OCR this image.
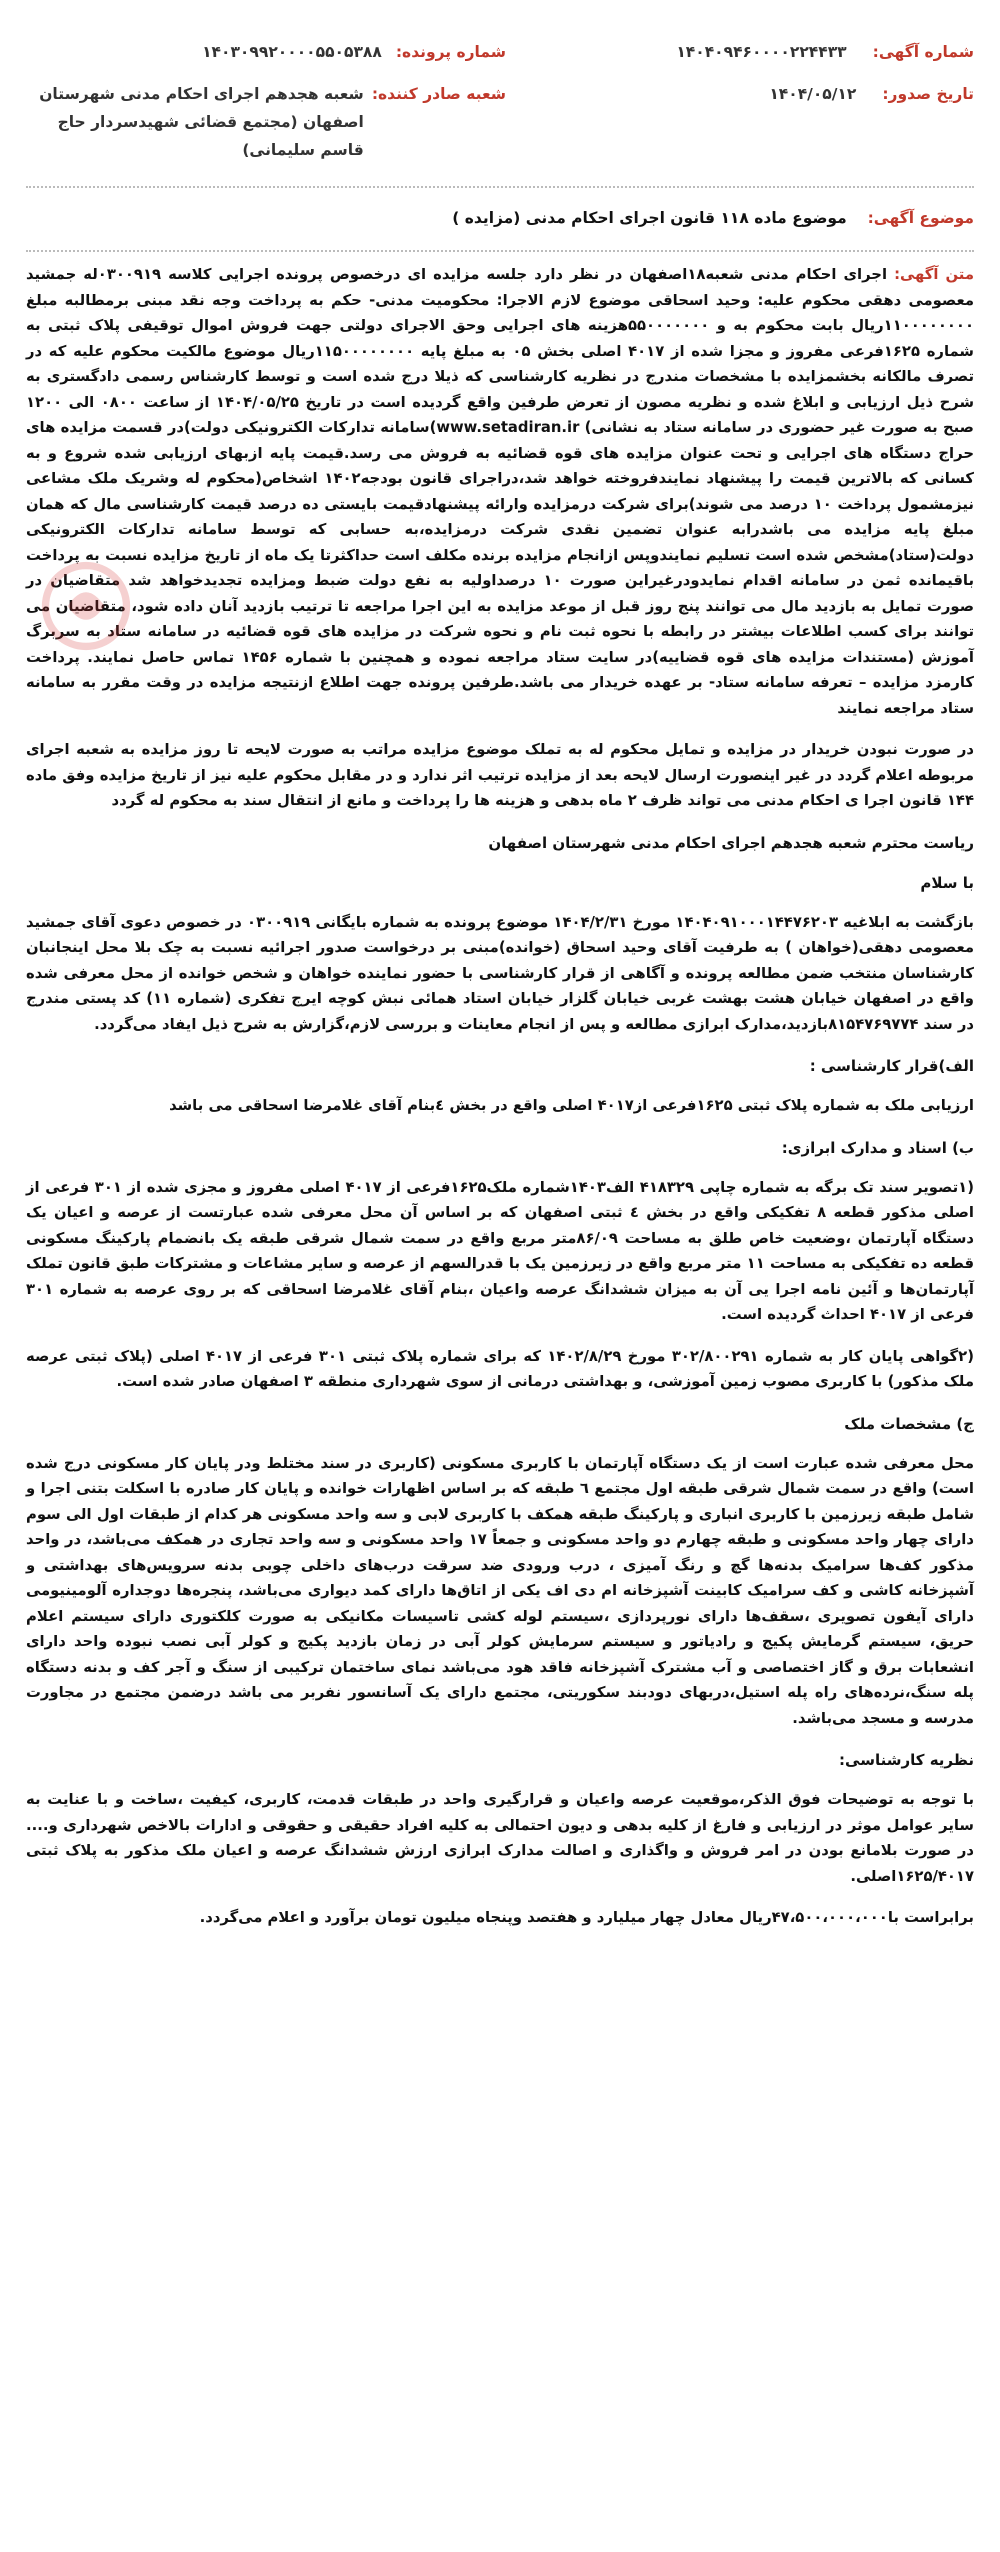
شماره آگهی:
۱۴۰۴۰۹۴۶۰۰۰۰۲۲۴۴۳۳
شماره پرونده:
۱۴۰۳۰۹۹۲۰۰۰۰۵۵۰۵۳۸۸
تاریخ صدور:
۱۴۰۴/۰۵/۱۲
شعبه صادر کننده:
شعبه هجدهم اجرای احکام مدنی شهرستان اصفهان (مجتمع قضائی شهیدسردار حاج قاسم سلیمانی)
موضوع آگهی:  موضوع ماده ۱۱۸ قانون اجرای احکام مدنی (مزایده )

متن آگهی: اجرای احکام مدنی شعبه۱۸اصفهان در نظر دارد جلسه مزایده ای درخصوص پرونده اجرایی کلاسه ۰۳۰۰۹۱۹له جمشید معصومی دهقی محکوم علیه: وحید اسحاقی موضوع لازم الاجرا: محکومیت مدنی- حکم به پرداخت وجه نقد مبنی برمطالبه مبلغ ۱۱۰۰۰۰۰۰۰۰ریال بابت محکوم به و ۵۵۰۰۰۰۰۰۰هزینه های اجرایی وحق الاجرای دولتی جهت فروش اموال توقیفی پلاک ثبتی به شماره ۱۶۲۵فرعی مفروز و مجزا شده از ۴۰۱۷ اصلی بخش ۰۵ به مبلغ پایه ۱۱۵۰۰۰۰۰۰۰۰ریال موضوع مالکیت محکوم علیه که در تصرف مالکانه بخشمزایده با مشخصات مندرج در نظریه کارشناسی که ذیلا درج شده است و توسط کارشناس رسمی دادگستری به شرح ذیل ارزیابی و ابلاغ شده و نظریه مصون از تعرض طرفین واقع گردیده است در تاریخ ۱۴۰۴/۰۵/۲۵ از ساعت ۰۸۰۰ الی ۱۲۰۰ صبح به صورت غیر حضوری در سامانه ستاد به نشانی) www.setadiran.ir)سامانه تدارکات الکترونیکی دولت)در قسمت مزایده های حراج دستگاه های اجرایی و تحت عنوان مزایده های قوه قضائیه به فروش می رسد.قیمت پایه ازبهای ارزیابی شده شروع و به کسانی که بالاترین قیمت را پیشنهاد نمایندفروخته خواهد شد،دراجرای قانون بودجه۱۴۰۲ اشخاص(محکوم له وشریک ملک مشاعی نیزمشمول پرداخت ۱۰ درصد می شوند)برای شرکت درمزایده وارائه پیشنهادقیمت بایستی ده درصد قیمت کارشناسی مال که همان مبلغ پایه مزایده می باشدرابه عنوان تضمین نقدی شرکت درمزایده،به حسابی که توسط سامانه تدارکات الکترونیکی دولت(ستاد)مشخص شده است تسلیم نمایندوپس ازانجام مزایده برنده مکلف است حداکثرتا یک ماه از تاریخ مزایده نسبت به پرداخت باقیمانده ثمن در سامانه اقدام نمایدودرغیراین صورت ۱۰ درصداولیه به نفع دولت ضبط ومزایده تجدیدخواهد شد متقاضیان در صورت تمایل به بازدید مال می توانند پنج روز قبل از موعد مزایده به این اجرا مراجعه تا ترتیب بازدید آنان داده شود، متقاضیان می توانند برای کسب اطلاعات بیشتر در رابطه با نحوه ثبت نام و نحوه شرکت در مزایده های قوه قضائیه در سامانه ستاد به سربرگ آموزش (مستندات مزایده های قوه قضاییه)در سایت ستاد مراجعه نموده و همچنین با شماره ۱۴۵۶ تماس حاصل نمایند. پرداخت کارمزد مزایده – تعرفه سامانه ستاد- بر عهده خریدار می باشد.طرفین پرونده جهت اطلاع ازنتیجه مزایده در وقت مقرر به سامانه ستاد مراجعه نمایند

در صورت نبودن خریدار در مزایده و تمایل محکوم له به تملک موضوع مزایده مراتب به صورت لایحه تا روز مزایده به شعبه اجرای مربوطه اعلام گردد در غیر اینصورت ارسال لایحه بعد از مزایده ترتیب اثر ندارد و در مقابل محکوم علیه نیز از تاریخ مزایده وفق ماده ۱۴۴ قانون اجرا ی احکام مدنی می تواند ظرف ۲ ماه بدهی و هزینه ها را پرداخت و مانع از انتقال سند به محکوم له گردد

ریاست محترم شعبه هجدهم اجرای احکام مدنی شهرستان اصفهان
با سلام

بازگشت به ابلاغیه ۱۴۰۴۰۹۱۰۰۰۱۴۴۷۶۲۰۳ مورخ ۱۴۰۴/۲/۳۱ موضوع پرونده به شماره بایگانی ۰۳۰۰۹۱۹ در خصوص دعوی آقای جمشید معصومی دهقی(خواهان ) به طرفیت آقای وحید اسحاق (خوانده)مبنی بر درخواست صدور اجرائیه نسبت به چک بلا محل اینجانبان کارشناسان منتخب ضمن مطالعه پرونده و آگاهی از قرار کارشناسی با حضور نماینده خواهان و شخص خوانده از محل معرفی شده واقع در اصفهان خیابان هشت بهشت غربی خیابان گلزار خیابان استاد همائی نبش کوچه ایرج تفکری (شماره ۱۱) کد پستی مندرج در سند ۸۱۵۴۷۶۹۷۷۴بازدید،مدارک ابرازی مطالعه و پس از انجام معاینات و بررسی لازم،گزارش به شرح ذیل ایفاد می‌گردد.

الف)قرار کارشناسی :

ارزیابی ملک به شماره پلاک ثبتی ۱۶۲۵فرعی از۴۰۱۷ اصلی واقع در بخش ٤بنام آقای غلامرضا اسحاقی می باشد

ب) اسناد و مدارک ابرازی:

(۱تصویر سند تک برگه به شماره چاپی ۴۱۸۳۲۹ الف۱۴۰۳شماره ملک۱۶۲۵فرعی از ۴۰۱۷ اصلی مفروز و مجزی شده از ۳۰۱ فرعی از اصلی مذکور قطعه ٨ تفکیکی واقع در بخش ٤ ثبتی اصفهان که بر اساس آن محل معرفی شده عبارتست از عرصه و اعیان یک دستگاه آپارتمان ،وضعیت خاص طلق به مساحت ۸۶/۰۹متر مربع واقع در سمت شمال شرقی طبقه یک بانضمام پارکینگ مسکونی قطعه ده تفکیکی به مساحت ۱۱ متر مربع واقع در زیرزمین یک با قدرالسهم از عرصه و سایر مشاعات و مشترکات طبق قانون تملک آپارتمان‌ها و آئین نامه اجرا یی آن به میزان ششدانگ عرصه واعیان ،بنام آقای غلامرضا اسحاقی که بر روی عرصه به شماره ۳۰۱ فرعی از ۴۰۱۷ احداث گردیده است.

(۲گواهی پایان کار به شماره ۳۰۲/۸۰۰۲۹۱ مورخ ۱۴۰۲/۸/۲۹ که برای شماره پلاک ثبتی ۳۰۱ فرعی از ۴۰۱۷ اصلی (پلاک ثبتی عرصه ملک مذکور) با کاربری مصوب زمین آموزشی، و بهداشتی درمانی از سوی شهرداری منطقه ۳ اصفهان صادر شده است.

ج) مشخصات ملک

محل معرفی شده عبارت است از یک دستگاه آپارتمان با کاربری مسکونی (کاربری در سند مختلط ودر پایان کار مسکونی درج شده است) واقع در سمت شمال شرقی طبقه اول مجتمع ٦ طبقه که بر اساس اظهارات خوانده و پایان کار صادره با اسکلت بتنی اجرا و شامل طبقه زیرزمین با کاربری انباری و پارکینگ طبقه همکف با کاربری لابی و سه واحد مسکونی هر کدام از طبقات اول الی سوم دارای چهار واحد مسکونی و طبقه چهارم دو واحد مسکونی و جمعاً ۱۷ واحد مسکونی و سه واحد تجاری در همکف می‌باشد، در واحد مذکور کف‌ها سرامیک بدنه‌ها گچ و رنگ آمیزی ، درب ورودی ضد سرقت درب‌های داخلی چوبی بدنه سرویس‌های بهداشتی و آشپزخانه کاشی و کف سرامیک کابینت آشپزخانه ام دی اف یکی از اتاق‌ها دارای کمد دیواری می‌باشد، پنجره‌ها دوجداره آلومینیومی دارای آیفون تصویری ،سقف‌ها دارای نورپردازی ،سیستم لوله کشی تاسیسات مکانیکی به صورت کلکتوری دارای سیستم اعلام حریق، سیستم گرمایش پکیج و رادیاتور و سیستم سرمایش کولر آبی در زمان بازدید پکیج و کولر آبی نصب نبوده واحد دارای انشعابات برق و گاز اختصاصی و آب مشترک آشپزخانه فاقد هود می‌باشد نمای ساختمان ترکیبی از سنگ و آجر کف و بدنه دستگاه پله سنگ،نرده‌های راه پله استیل،دربهای دودبند سکوریتی، مجتمع دارای یک آسانسور نفربر می باشد درضمن مجتمع در مجاورت مدرسه و مسجد می‌باشد.

نظریه کارشناسی:

با توجه به توضیحات فوق الذکر،موقعیت عرصه واعیان و قرارگیری واحد در طبقات قدمت، کاربری، کیفیت ،ساخت و با عنایت به سایر عوامل موثر در ارزیابی و فارغ از کلیه بدهی و دیون احتمالی به کلیه افراد حقیقی و حقوقی و ادارات بالاخص شهرداری و.... در صورت بلامانع بودن در امر فروش و واگذاری و اصالت مدارک ابرازی ارزش ششدانگ عرصه و اعیان ملک مذکور به پلاک ثبتی ۱۶۲۵/۴۰۱۷اصلی.

برابراست با۴۷،۵۰۰،۰۰۰،۰۰۰ریال معادل چهار میلیارد و هفتصد وپنجاه میلیون تومان برآورد و اعلام می‌گردد.
